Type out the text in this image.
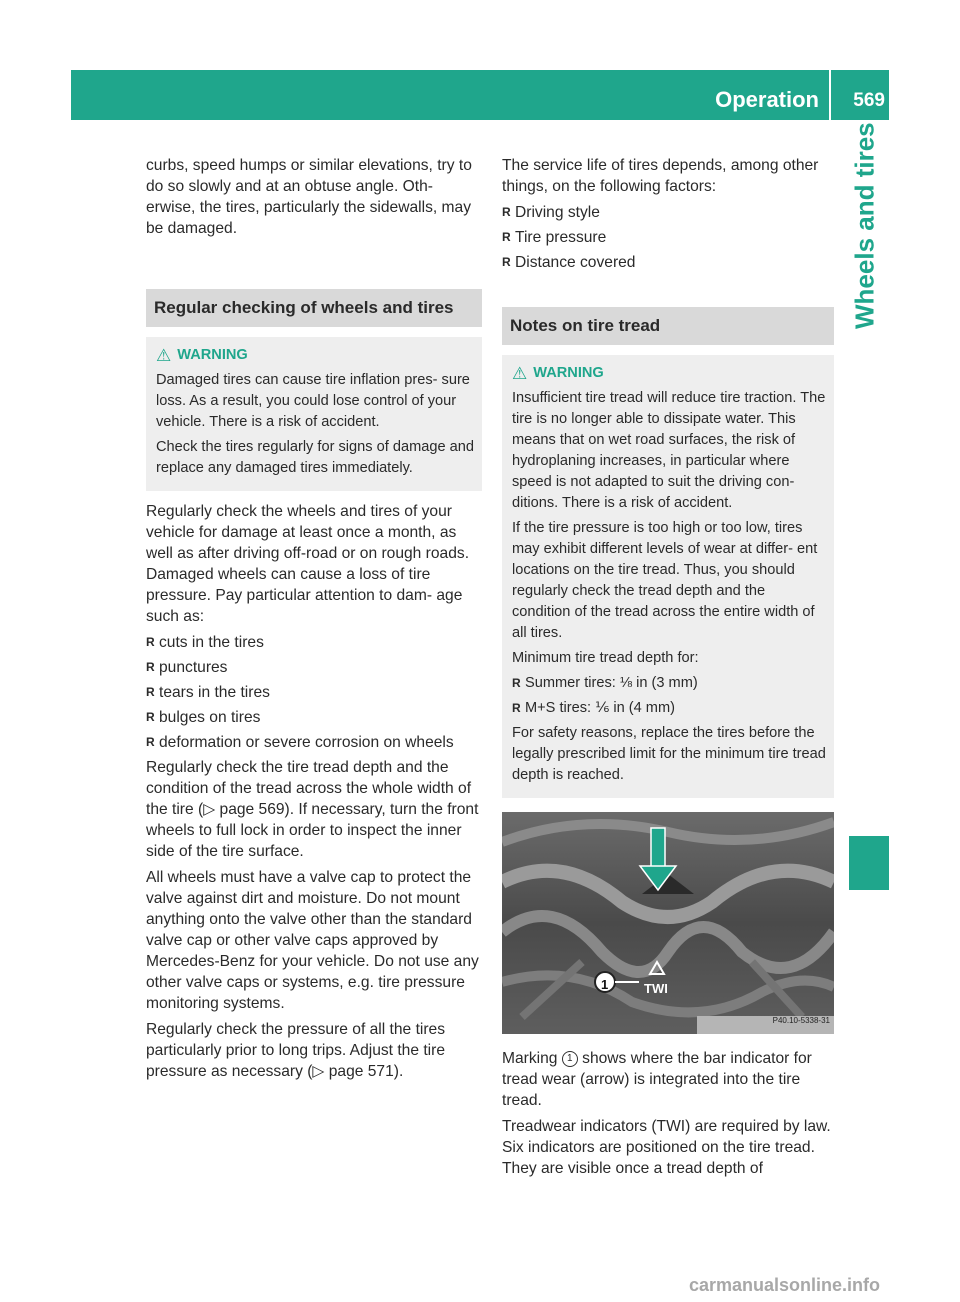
Operation 569
Wheels and tires

curbs, speed humps or similar elevations, try to do so slowly and at an obtuse angle. Oth- erwise, the tires, particularly the sidewalls, may be damaged.

Regular checking of wheels and tires
⚠ WARNING

Damaged tires can cause tire inflation pres- sure loss. As a result, you could lose control of your vehicle. There is a risk of accident.

Check the tires regularly for signs of damage and replace any damaged tires immediately.

Regularly check the wheels and tires of your vehicle for damage at least once a month, as well as after driving off-road or on rough roads. Damaged wheels can cause a loss of tire pressure. Pay particular attention to dam- age such as:

R cuts in the tires
R punctures
R tears in the tires
R bulges on tires
R deformation or severe corrosion on wheels

Regularly check the tire tread depth and the condition of the tread across the whole width of the tire (▷ page 569). If necessary, turn the front wheels to full lock in order to inspect the inner side of the tire surface.

All wheels must have a valve cap to protect the valve against dirt and moisture. Do not mount anything onto the valve other than the standard valve cap or other valve caps approved by Mercedes-Benz for your vehicle. Do not use any other valve caps or systems, e.g. tire pressure monitoring systems.

Regularly check the pressure of all the tires particularly prior to long trips. Adjust the tire pressure as necessary (▷ page 571).

The service life of tires depends, among other things, on the following factors:

R Driving style
R Tire pressure
R Distance covered
Notes on tire tread
⚠ WARNING

Insufficient tire tread will reduce tire traction. The tire is no longer able to dissipate water. This means that on wet road surfaces, the risk of hydroplaning increases, in particular where speed is not adapted to suit the driving con- ditions. There is a risk of accident.

If the tire pressure is too high or too low, tires may exhibit different levels of wear at differ- ent locations on the tire tread. Thus, you should regularly check the tread depth and the condition of the tread across the entire width of all tires.

Minimum tire tread depth for:

R Summer tires: ⅛ in (3 mm)
R M+S tires: ⅙ in (4 mm)

For safety reasons, replace the tires before the legally prescribed limit for the minimum tire tread depth is reached.

1	TWI
P40.10-5338-31

Marking 1 shows where the bar indicator for tread wear (arrow) is integrated into the tire tread.

Treadwear indicators (TWI) are required by law. Six indicators are positioned on the tire tread. They are visible once a tread depth of

carmanualsonline.info
